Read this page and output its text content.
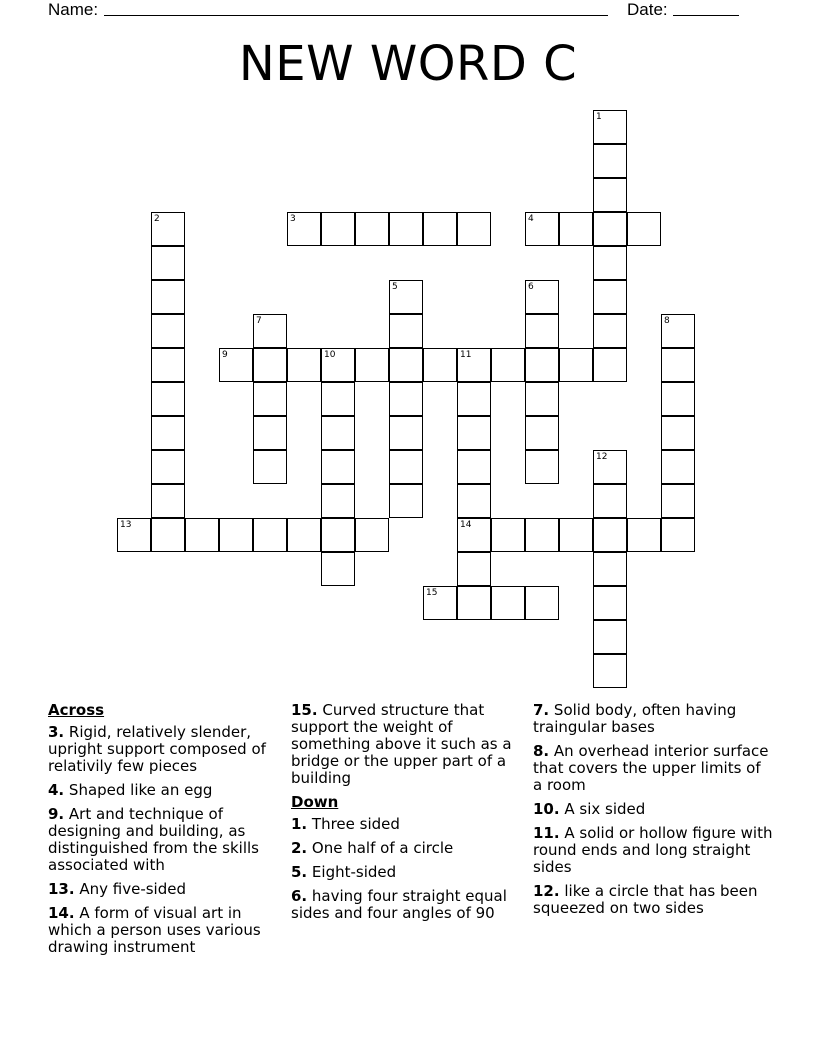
Name:	Date:
NEW WORD C
1
2	3	4
5	6
7	8
9	10	11
14
12
13
15
Across
3. Rigid, relatively slender, upright support composed of relativily few pieces
4. Shaped like an egg
9. Art and technique of designing and building, as distinguished from the skills associated with
13. Any five-sided
14. A form of visual art in which a person uses various drawing instrument
15. Curved structure that support the weight of something above it such as a bridge or the upper part of a building
Down
1. Three sided
2. One half of a circle
5. Eight-sided
6. having four straight equal sides and four angles of 90
7. Solid body, often having traingular bases
8. An overhead interior surface that covers the upper limits of a room
10. A six sided
11. A solid or hollow figure with round ends and long straight sides
12. like a circle that has been squeezed on two sides
